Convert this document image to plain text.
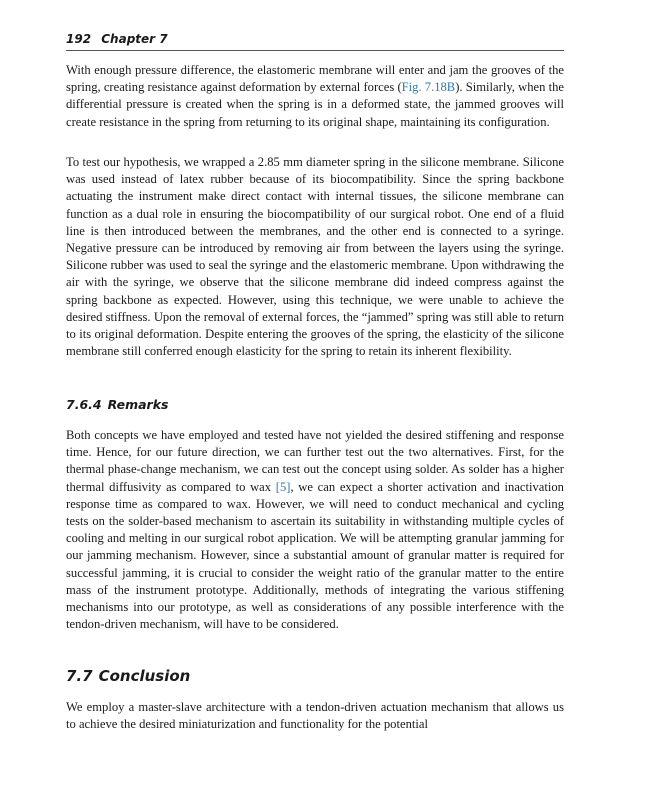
192 Chapter 7

With enough pressure difference, the elastomeric membrane will enter and jam the grooves of the spring, creating resistance against deformation by external forces (Fig. 7.18B). Similarly, when the differential pressure is created when the spring is in a deformed state, the jammed grooves will create resistance in the spring from returning to its original shape, maintaining its configuration.

To test our hypothesis, we wrapped a 2.85 mm diameter spring in the silicone membrane. Silicone was used instead of latex rubber because of its biocompatibility. Since the spring backbone actuating the instrument make direct contact with internal tissues, the silicone membrane can function as a dual role in ensuring the biocompatibility of our surgical robot. One end of a fluid line is then introduced between the membranes, and the other end is connected to a syringe. Negative pressure can be introduced by removing air from between the layers using the syringe. Silicone rubber was used to seal the syringe and the elastomeric membrane. Upon withdrawing the air with the syringe, we observe that the silicone membrane did indeed compress against the spring backbone as expected. However, using this technique, we were unable to achieve the desired stiffness. Upon the removal of external forces, the “jammed” spring was still able to return to its original deformation. Despite entering the grooves of the spring, the elasticity of the silicone membrane still conferred enough elasticity for the spring to retain its inherent flexibility.

7.6.4 Remarks

Both concepts we have employed and tested have not yielded the desired stiffening and response time. Hence, for our future direction, we can further test out the two alternatives. First, for the thermal phase-change mechanism, we can test out the concept using solder. As solder has a higher thermal diffusivity as compared to wax [5], we can expect a shorter activation and inactivation response time as compared to wax. However, we will need to conduct mechanical and cycling tests on the solder-based mechanism to ascertain its suitability in withstanding multiple cycles of cooling and melting in our surgical robot application. We will be attempting granular jamming for our jamming mechanism. However, since a substantial amount of granular matter is required for successful jamming, it is crucial to consider the weight ratio of the granular matter to the entire mass of the instrument prototype. Additionally, methods of integrating the various stiffening mechanisms into our prototype, as well as considerations of any possible interference with the tendon-driven mechanism, will have to be considered.

7.7 Conclusion

We employ a master-slave architecture with a tendon-driven actuation mechanism that allows us to achieve the desired miniaturization and functionality for the potential
